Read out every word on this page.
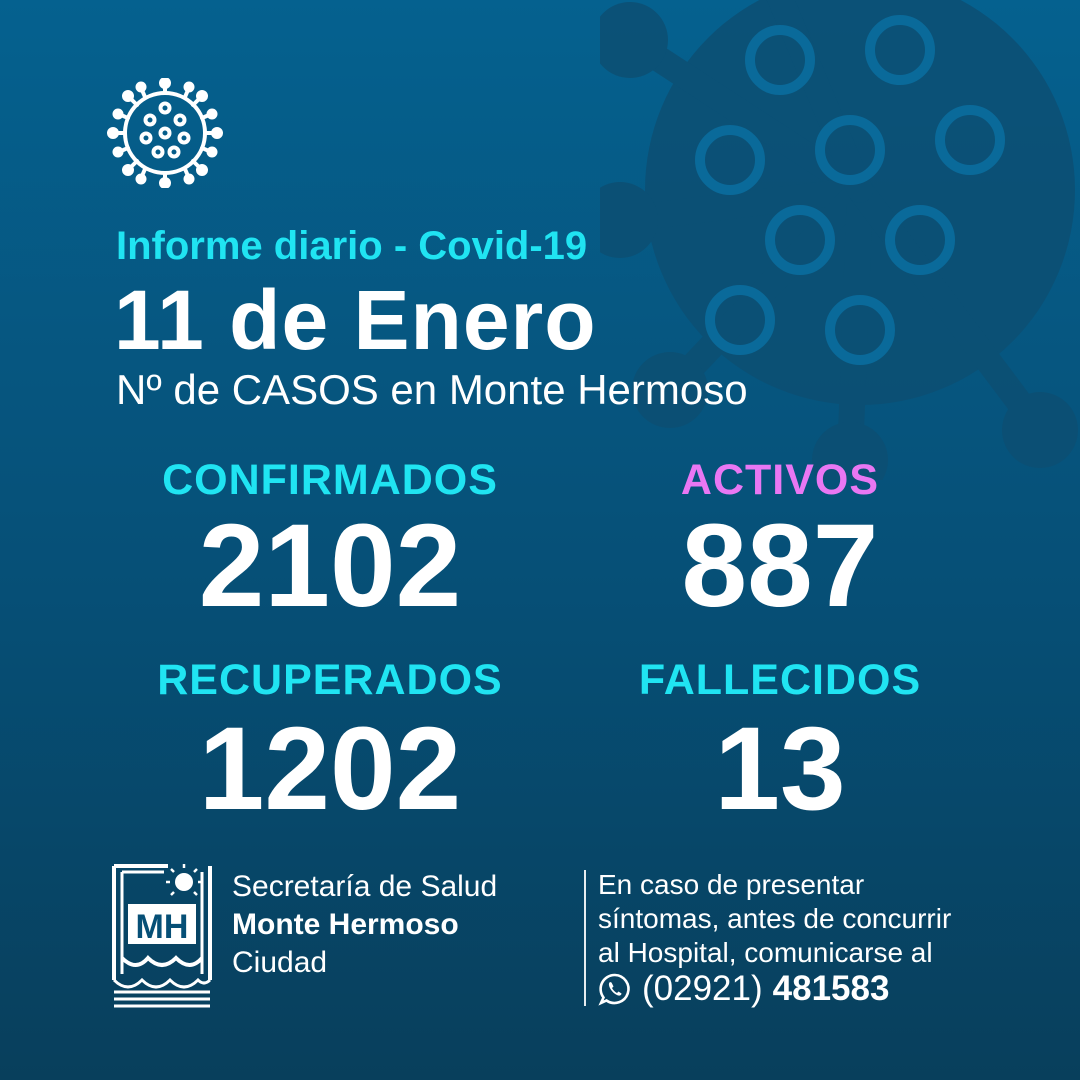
Informe diario - Covid-19
11 de Enero
Nº de CASOS en Monte Hermoso
CONFIRMADOS
2102
ACTIVOS
887
RECUPERADOS
1202
FALLECIDOS
13
MH
Secretaría de Salud
Monte Hermoso
Ciudad
En caso de presentar
síntomas, antes de concurrir
al Hospital, comunicarse al
(02921) 481583
